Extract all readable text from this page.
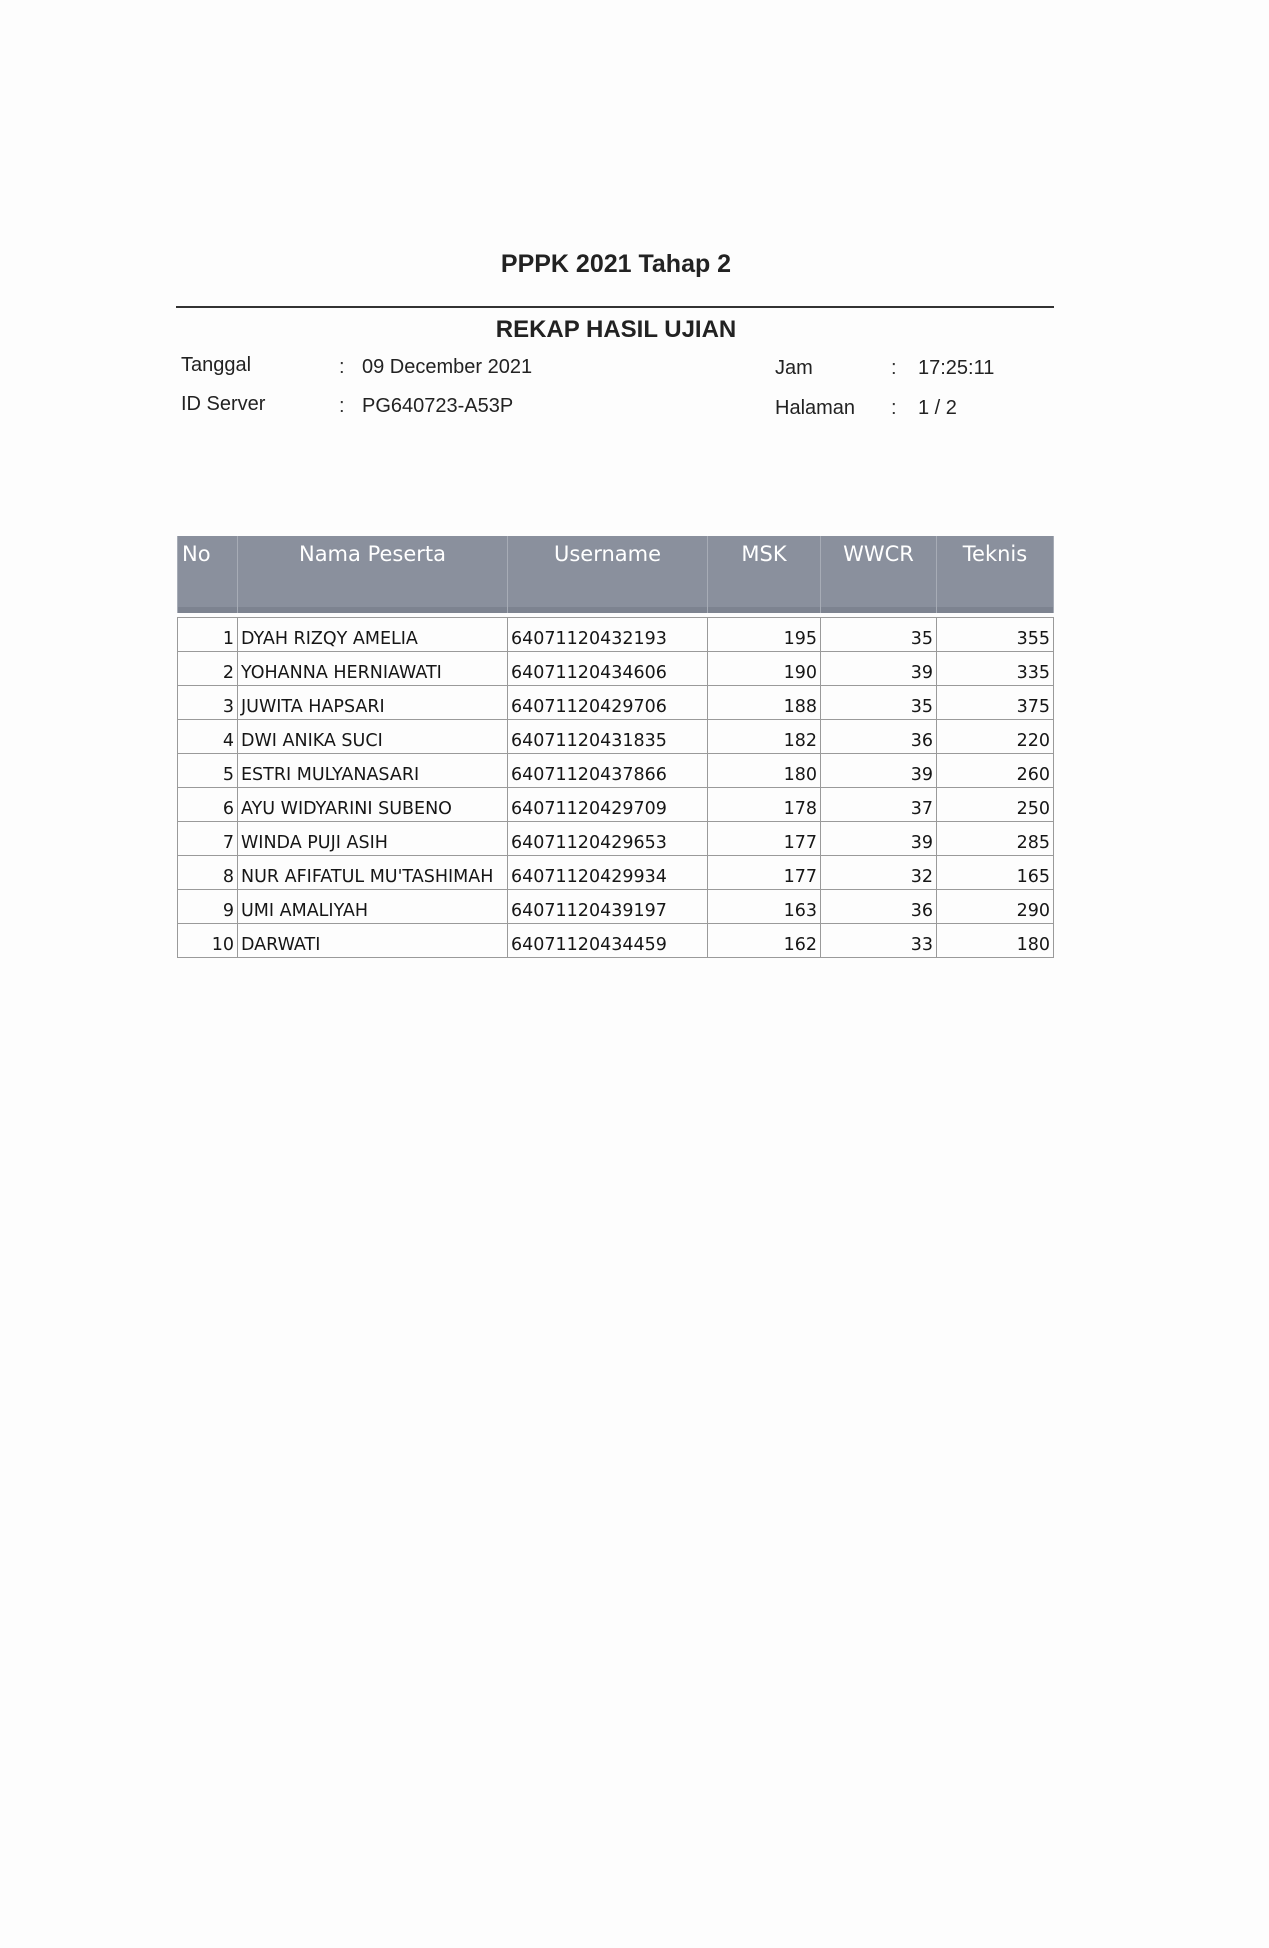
PPPK 2021 Tahap 2
REKAP HASIL UJIAN
Tanggal	: 09 December 2021
ID Server	: PG640723-A53P
Jam	: 17:25:11
Halaman : 1 / 2
No	Nama Peserta	Username	MSK	WWCR	Teknis

1	DYAH RIZQY AMELIA	64071120432193	195	35	355
2	YOHANNA HERNIAWATI	64071120434606	190	39	335
3	JUWITA HAPSARI	64071120429706	188	35	375
4	DWI ANIKA SUCI	64071120431835	182	36	220
5	ESTRI MULYANASARI	64071120437866	180	39	260
6	AYU WIDYARINI SUBENO	64071120429709	178	37	250
7	WINDA PUJI ASIH	64071120429653	177	39	285
8	NUR AFIFATUL MU'TASHIMAH	64071120429934	177	32	165
9	UMI AMALIYAH	64071120439197	163	36	290
10	DARWATI	64071120434459	162	33	180
